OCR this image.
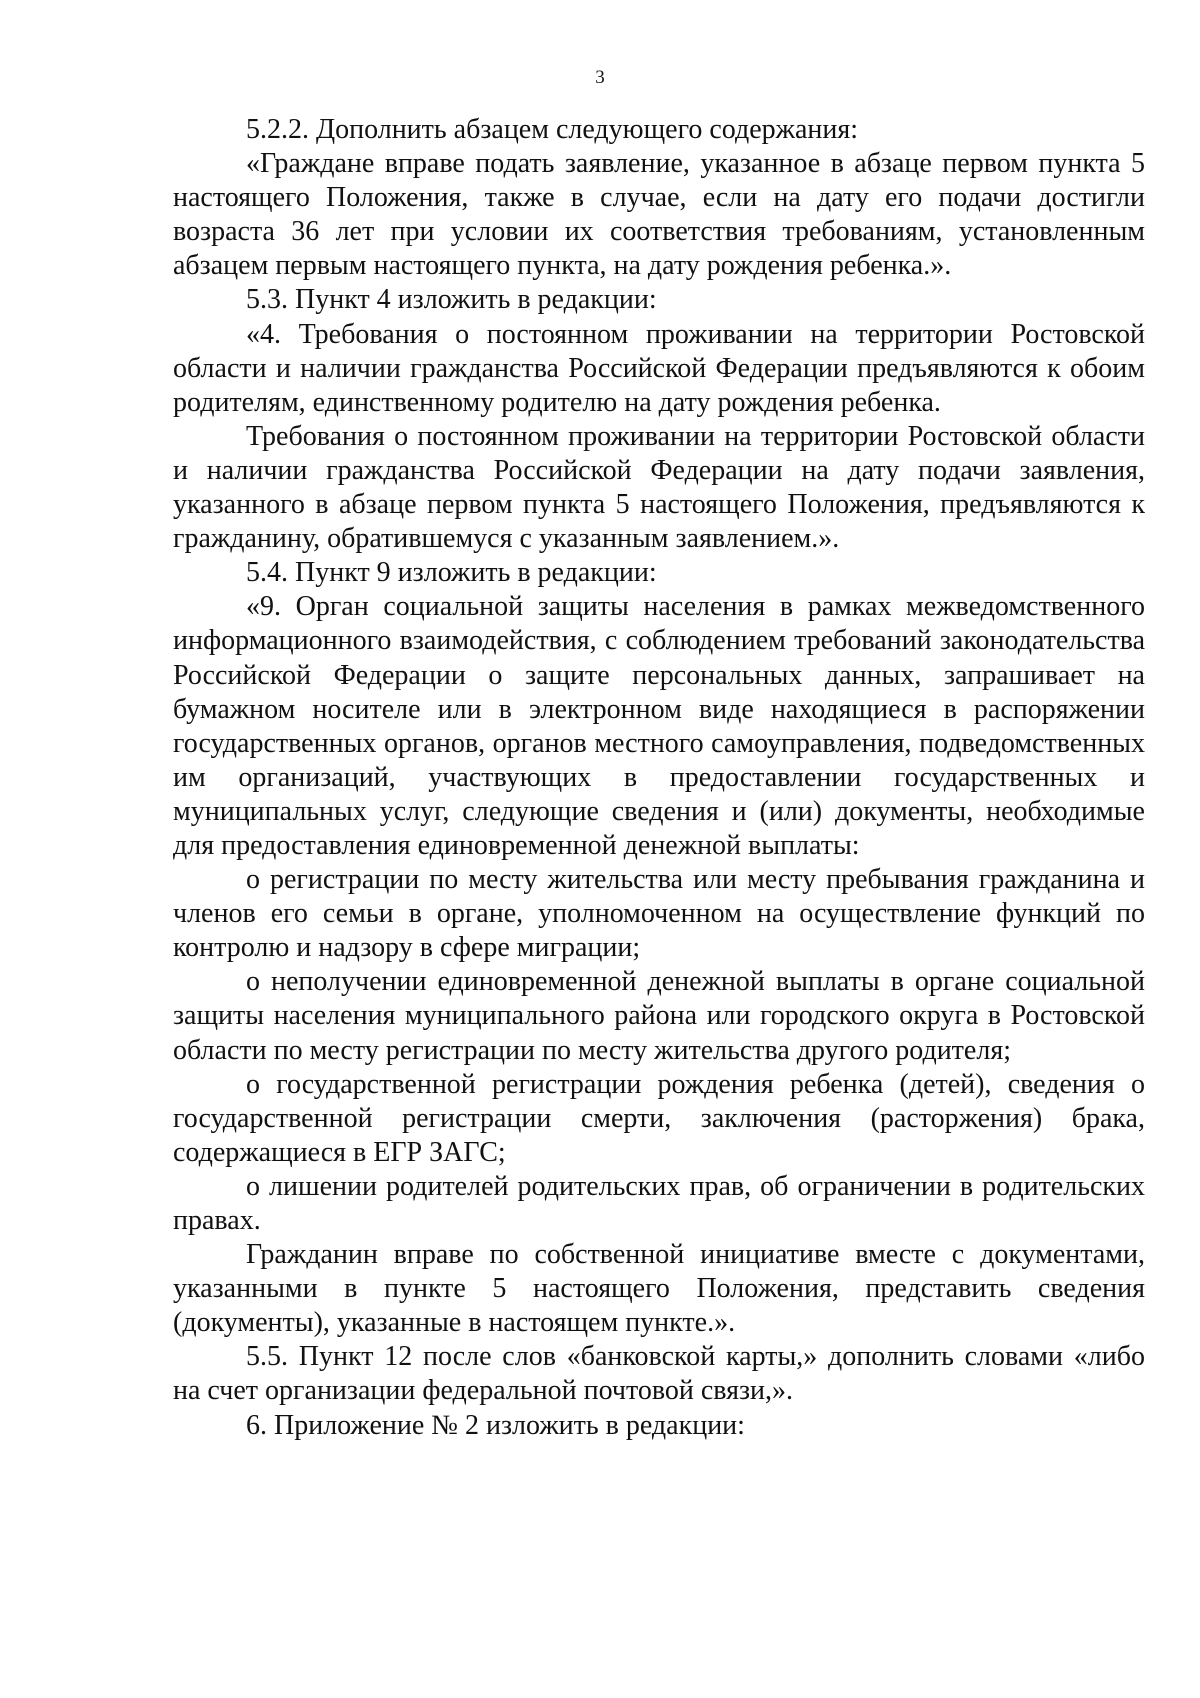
3

5.2.2. Дополнить абзацем следующего содержания:

«Граждане вправе подать заявление, указанное в абзаце первом пункта 5 настоящего Положения, также в случае, если на дату его подачи достигли возраста 36 лет при условии их соответствия требованиям, установленным абзацем первым настоящего пункта, на дату рождения ребенка.».

5.3. Пункт 4 изложить в редакции:

«4. Требования о постоянном проживании на территории Ростовской области и наличии гражданства Российской Федерации предъявляются к обоим родителям, единственному родителю на дату рождения ребенка.

Требования о постоянном проживании на территории Ростовской области и наличии гражданства Российской Федерации на дату подачи заявления, указанного в абзаце первом пункта 5 настоящего Положения, предъявляются к гражданину, обратившемуся с указанным заявлением.».

5.4. Пункт 9 изложить в редакции:

«9. Орган социальной защиты населения в рамках межведомственного информационного взаимодействия, с соблюдением требований законодательства Российской Федерации о защите персональных данных, запрашивает на бумажном носителе или в электронном виде находящиеся в распоряжении государственных органов, органов местного самоуправления, подведомственных им организаций, участвующих в предоставлении государственных и муниципальных услуг, следующие сведения и (или) документы, необходимые для предоставления единовременной денежной выплаты:

о регистрации по месту жительства или месту пребывания гражданина и членов его семьи в органе, уполномоченном на осуществление функций по контролю и надзору в сфере миграции;

о неполучении единовременной денежной выплаты в органе социальной защиты населения муниципального района или городского округа в Ростовской области по месту регистрации по месту жительства другого родителя;

о государственной регистрации рождения ребенка (детей), сведения о государственной регистрации смерти, заключения (расторжения) брака, содержащиеся в ЕГР ЗАГС;

о лишении родителей родительских прав, об ограничении в родительских правах.

Гражданин вправе по собственной инициативе вместе с документами, указанными в пункте 5 настоящего Положения, представить сведения (документы), указанные в настоящем пункте.».

5.5. Пункт 12 после слов «банковской карты,» дополнить словами «либо на счет организации федеральной почтовой связи,».

6. Приложение № 2 изложить в редакции:
